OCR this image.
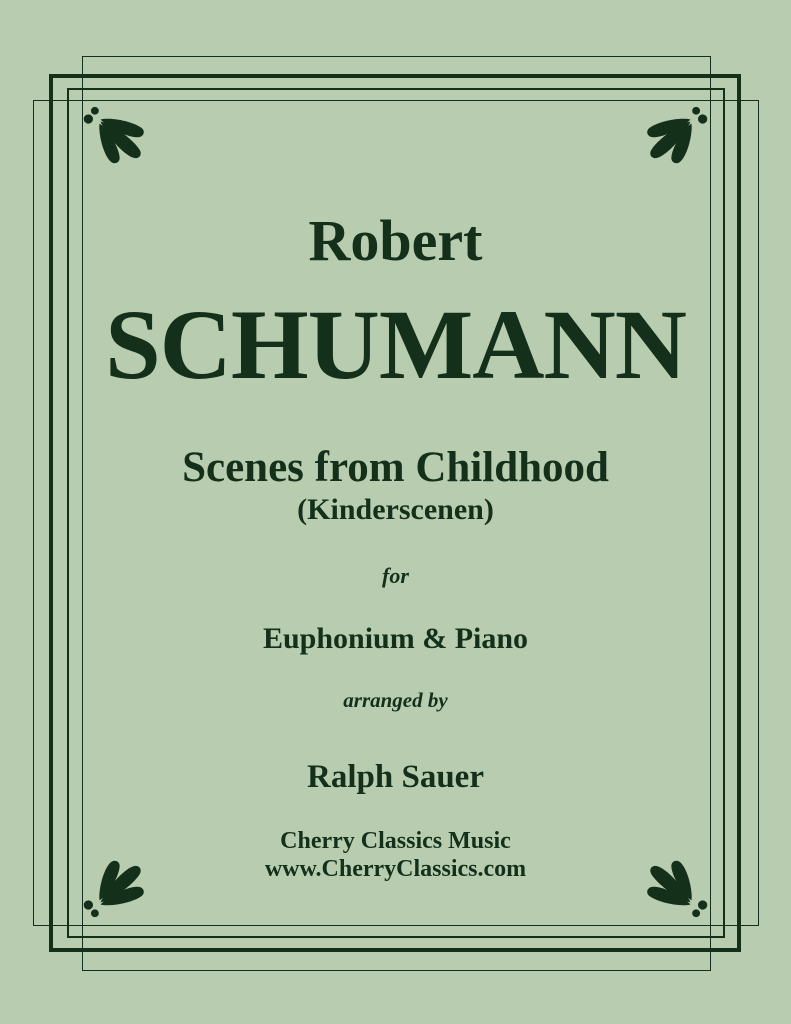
Robert
SCHUMANN
Scenes from Childhood
(Kinderscenen)
for
Euphonium & Piano
arranged by
Ralph Sauer
Cherry Classics Music
www.CherryClassics.com
